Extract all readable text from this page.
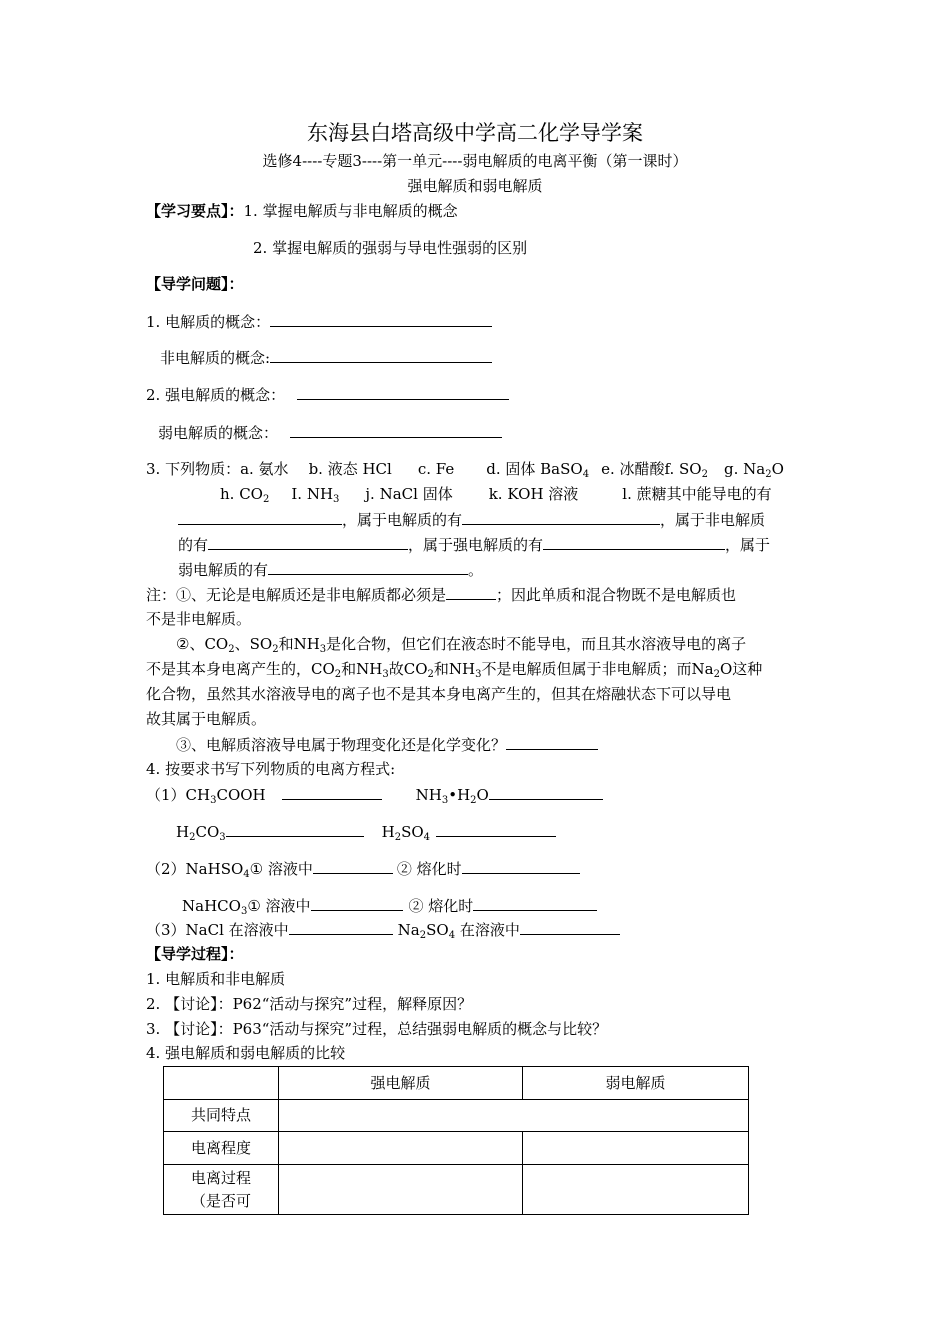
东海县白塔高级中学高二化学导学案
选修4----专题3----第一单元----弱电解质的电离平衡（第一课时）
强电解质和弱电解质
【学习要点】：1. 掌握电解质与非电解质的概念
2. 掌握电解质的强弱与导电性强弱的区别
【导学问题】：
1. 电解质的概念：
非电解质的概念:
2. 强电解质的概念：
弱电解质的概念：
3. 下列物质：a. 氨水 b. 液态 HCl c. Fe d. 固体 BaSO$_4$ e. 冰醋酸f. $SO_2$ g. $Na_2O$
h. $CO_2$ I. $NH_3$ j. NaCl 固体 k. KOH 溶液	l. 蔗糖其中能导电的有
，属于电解质的有	，属于非电解质
的有	，属于强电解质的有	，属于
弱电解质的有	。
注：①、无论是电解质还是非电解质都必须是	；因此单质和混合物既不是电解质也
不是非电解质。
②、$CO_2$、$SO_2$和$NH_3$是化合物，但它们在液态时不能导电，而且其水溶液导电的离子
不是其本身电离产生的，$CO_2$和$NH_3$故$CO_2$和$NH_3$不是电解质但属于非电解质；而$Na_2O$这种
化合物，虽然其水溶液导电的离子也不是其本身电离产生的，但其在熔融状态下可以导电
故其属于电解质。
③、电解质溶液导电属于物理变化还是化学变化？
4. 按要求书写下列物质的电离方程式:
$(1)CH_3COOH$	$NH_3•H_2O$
$H_2CO_3$	$H_2SO_4$
（2）NaHSO$_4$① 溶液中	② 熔化时
NaHCO$_3$① 溶液中	② 熔化时
（3）NaCl 在溶液中	$Na_2SO_4$ 在溶液中
【导学过程】：
1. 电解质和非电解质
2. 【讨论】：P62“活动与探究”过程，解释原因？
3. 【讨论】：P63“活动与探究”过程，总结强弱电解质的概念与比较？
4. 强电解质和弱电解质的比较
	强电解质	弱电解质
共同特点		
电离程度		
电离过程
（是否可		
